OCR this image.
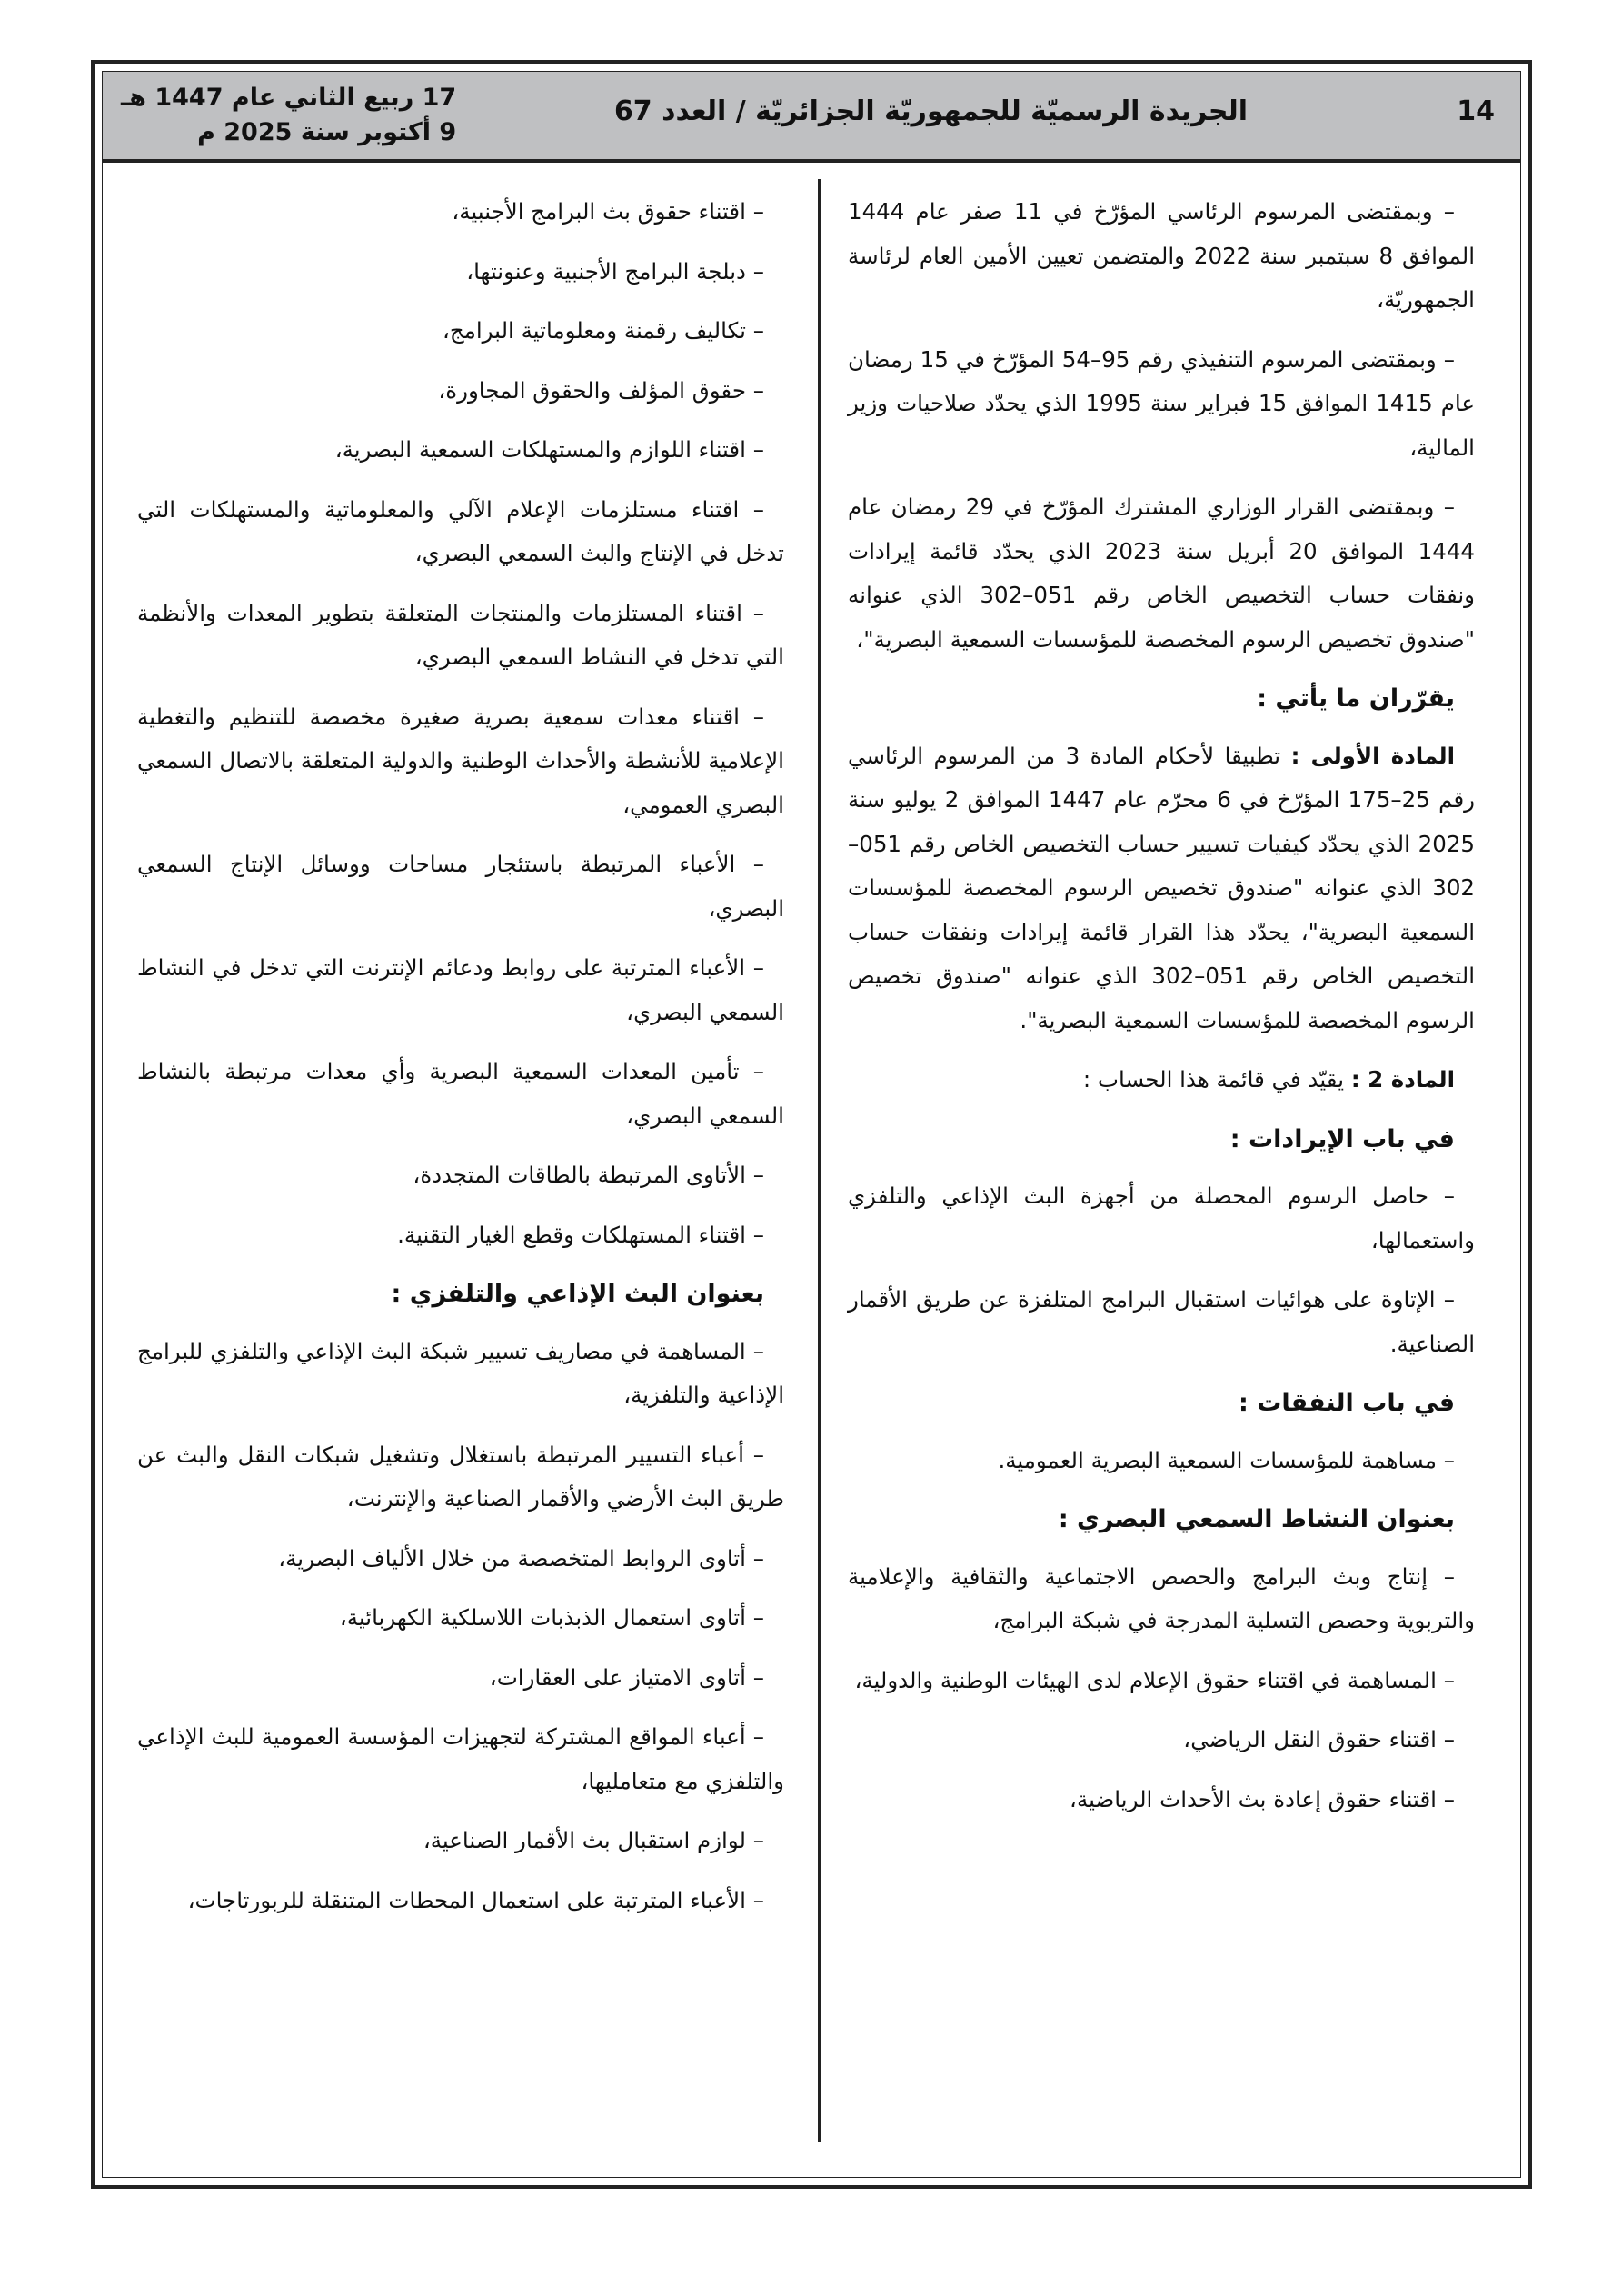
14
الجريدة الرسميّة للجمهوريّة الجزائريّة / العدد 67
17 ربيع الثاني عام 1447 هـ
9 أكتوبر سنة 2025 م

– وبمقتضى المرسوم الرئاسي المؤرّخ في 11 صفر عام 1444 الموافق 8 سبتمبر سنة 2022 والمتضمن تعيين الأمين العام لرئاسة الجمهوريّة،

– وبمقتضى المرسوم التنفيذي رقم 95–54 المؤرّخ في 15 رمضان عام 1415 الموافق 15 فبراير سنة 1995 الذي يحدّد صلاحيات وزير المالية،

– وبمقتضى القرار الوزاري المشترك المؤرّخ في 29 رمضان عام 1444 الموافق 20 أبريل سنة 2023 الذي يحدّد قائمة إيرادات ونفقات حساب التخصيص الخاص رقم 051–302 الذي عنوانه "صندوق تخصيص الرسوم المخصصة للمؤسسات السمعية البصرية"،

يقرّران ما يأتي :

المادة الأولى : تطبيقا لأحكام المادة 3 من المرسوم الرئاسي رقم 25–175 المؤرّخ في 6 محرّم عام 1447 الموافق 2 يوليو سنة 2025 الذي يحدّد كيفيات تسيير حساب التخصيص الخاص رقم 051–302 الذي عنوانه "صندوق تخصيص الرسوم المخصصة للمؤسسات السمعية البصرية"، يحدّد هذا القرار قائمة إيرادات ونفقات حساب التخصيص الخاص رقم 051–302 الذي عنوانه "صندوق تخصيص الرسوم المخصصة للمؤسسات السمعية البصرية".

المادة 2 : يقيّد في قائمة هذا الحساب :

في باب الإيرادات :

– حاصل الرسوم المحصلة من أجهزة البث الإذاعي والتلفزي واستعمالها،

– الإتاوة على هوائيات استقبال البرامج المتلفزة عن طريق الأقمار الصناعية.

في باب النفقات :

– مساهمة للمؤسسات السمعية البصرية العمومية.

بعنوان النشاط السمعي البصري :

– إنتاج وبث البرامج والحصص الاجتماعية والثقافية والإعلامية والتربوية وحصص التسلية المدرجة في شبكة البرامج،

– المساهمة في اقتناء حقوق الإعلام لدى الهيئات الوطنية والدولية،

– اقتناء حقوق النقل الرياضي،

– اقتناء حقوق إعادة بث الأحداث الرياضية،

– اقتناء حقوق بث البرامج الأجنبية،

– دبلجة البرامج الأجنبية وعنونتها،

– تكاليف رقمنة ومعلوماتية البرامج،

– حقوق المؤلف والحقوق المجاورة،

– اقتناء اللوازم والمستهلكات السمعية البصرية،

– اقتناء مستلزمات الإعلام الآلي والمعلوماتية والمستهلكات التي تدخل في الإنتاج والبث السمعي البصري،

– اقتناء المستلزمات والمنتجات المتعلقة بتطوير المعدات والأنظمة التي تدخل في النشاط السمعي البصري،

– اقتناء معدات سمعية بصرية صغيرة مخصصة للتنظيم والتغطية الإعلامية للأنشطة والأحداث الوطنية والدولية المتعلقة بالاتصال السمعي البصري العمومي،

– الأعباء المرتبطة باستئجار مساحات ووسائل الإنتاج السمعي البصري،

– الأعباء المترتبة على روابط ودعائم الإنترنت التي تدخل في النشاط السمعي البصري،

– تأمين المعدات السمعية البصرية وأي معدات مرتبطة بالنشاط السمعي البصري،

– الأتاوى المرتبطة بالطاقات المتجددة،

– اقتناء المستهلكات وقطع الغيار التقنية.

بعنوان البث الإذاعي والتلفزي :

– المساهمة في مصاريف تسيير شبكة البث الإذاعي والتلفزي للبرامج الإذاعية والتلفزية،

– أعباء التسيير المرتبطة باستغلال وتشغيل شبكات النقل والبث عن طريق البث الأرضي والأقمار الصناعية والإنترنت،

– أتاوى الروابط المتخصصة من خلال الألياف البصرية،

– أتاوى استعمال الذبذبات اللاسلكية الكهربائية،

– أتاوى الامتياز على العقارات،

– أعباء المواقع المشتركة لتجهيزات المؤسسة العمومية للبث الإذاعي والتلفزي مع متعامليها،

– لوازم استقبال بث الأقمار الصناعية،

– الأعباء المترتبة على استعمال المحطات المتنقلة للربورتاجات،
